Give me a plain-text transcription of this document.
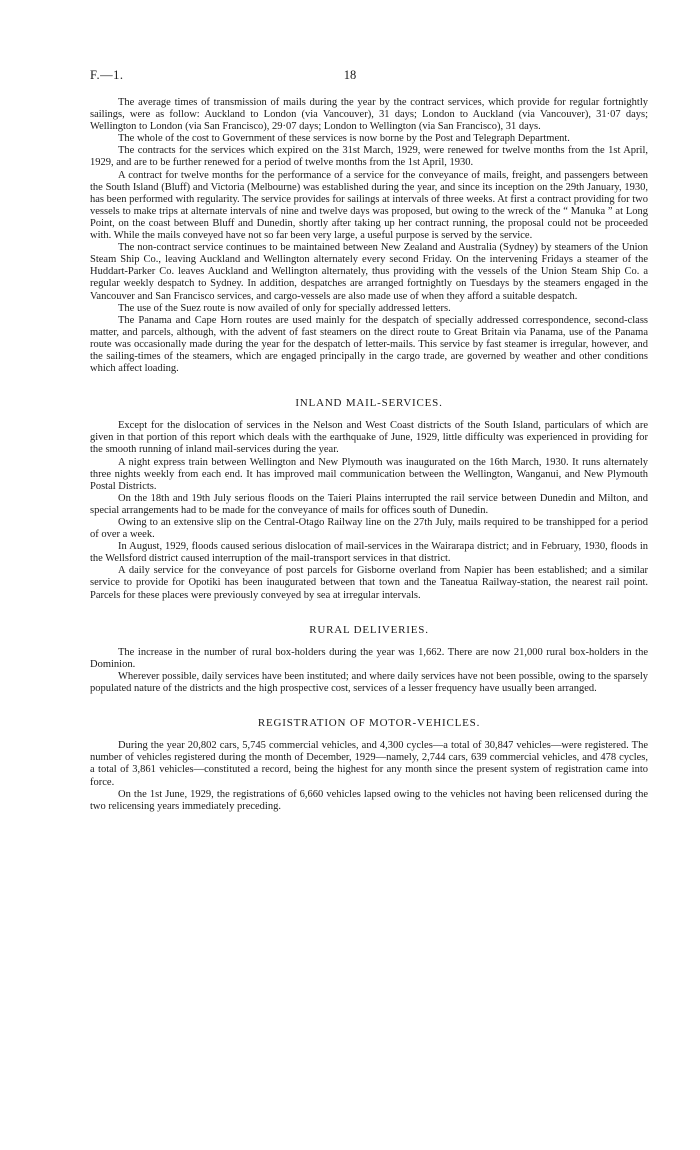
F.—1.	18

The average times of transmission of mails during the year by the contract services, which provide for regular fortnightly sailings, were as follow: Auckland to London (via Vancouver), 31 days; London to Auckland (via Vancouver), 31·07 days; Wellington to London (via San Francisco), 29·07 days; London to Wellington (via San Francisco), 31 days.

The whole of the cost to Government of these services is now borne by the Post and Telegraph Department.

The contracts for the services which expired on the 31st March, 1929, were renewed for twelve months from the 1st April, 1929, and are to be further renewed for a period of twelve months from the 1st April, 1930.

A contract for twelve months for the performance of a service for the conveyance of mails, freight, and passengers between the South Island (Bluff) and Victoria (Melbourne) was established during the year, and since its inception on the 29th January, 1930, has been performed with regularity. The service provides for sailings at intervals of three weeks. At first a contract providing for two vessels to make trips at alternate intervals of nine and twelve days was proposed, but owing to the wreck of the “ Manuka ” at Long Point, on the coast between Bluff and Dunedin, shortly after taking up her contract running, the proposal could not be proceeded with. While the mails conveyed have not so far been very large, a useful purpose is served by the service.

The non-contract service continues to be maintained between New Zealand and Australia (Sydney) by steamers of the Union Steam Ship Co., leaving Auckland and Wellington alternately every second Friday. On the intervening Fridays a steamer of the Huddart-Parker Co. leaves Auckland and Wellington alternately, thus providing with the vessels of the Union Steam Ship Co. a regular weekly despatch to Sydney. In addition, despatches are arranged fortnightly on Tuesdays by the steamers engaged in the Vancouver and San Francisco services, and cargo-vessels are also made use of when they afford a suitable despatch.

The use of the Suez route is now availed of only for specially addressed letters.

The Panama and Cape Horn routes are used mainly for the despatch of specially addressed correspondence, second-class matter, and parcels, although, with the advent of fast steamers on the direct route to Great Britain via Panama, use of the Panama route was occasionally made during the year for the despatch of letter-mails. This service by fast steamer is irregular, however, and the sailing-times of the steamers, which are engaged principally in the cargo trade, are governed by weather and other conditions which affect loading.

INLAND MAIL-SERVICES.

Except for the dislocation of services in the Nelson and West Coast districts of the South Island, particulars of which are given in that portion of this report which deals with the earthquake of June, 1929, little difficulty was experienced in providing for the smooth running of inland mail-services during the year.

A night express train between Wellington and New Plymouth was inaugurated on the 16th March, 1930. It runs alternately three nights weekly from each end. It has improved mail communication between the Wellington, Wanganui, and New Plymouth Postal Districts.

On the 18th and 19th July serious floods on the Taieri Plains interrupted the rail service between Dunedin and Milton, and special arrangements had to be made for the conveyance of mails for offices south of Dunedin.

Owing to an extensive slip on the Central-Otago Railway line on the 27th July, mails required to be transhipped for a period of over a week.

In August, 1929, floods caused serious dislocation of mail-services in the Wairarapa district; and in February, 1930, floods in the Wellsford district caused interruption of the mail-transport services in that district.

A daily service for the conveyance of post parcels for Gisborne overland from Napier has been established; and a similar service to provide for Opotiki has been inaugurated between that town and the Taneatua Railway-station, the nearest rail point. Parcels for these places were previously conveyed by sea at irregular intervals.

RURAL DELIVERIES.

The increase in the number of rural box-holders during the year was 1,662. There are now 21,000 rural box-holders in the Dominion.

Wherever possible, daily services have been instituted; and where daily services have not been possible, owing to the sparsely populated nature of the districts and the high prospective cost, services of a lesser frequency have usually been arranged.

REGISTRATION OF MOTOR-VEHICLES.

During the year 20,802 cars, 5,745 commercial vehicles, and 4,300 cycles—a total of 30,847 vehicles—were registered. The number of vehicles registered during the month of December, 1929—namely, 2,744 cars, 639 commercial vehicles, and 478 cycles, a total of 3,861 vehicles—constituted a record, being the highest for any month since the present system of registration came into force.

On the 1st June, 1929, the registrations of 6,660 vehicles lapsed owing to the vehicles not having been relicensed during the two relicensing years immediately preceding.
